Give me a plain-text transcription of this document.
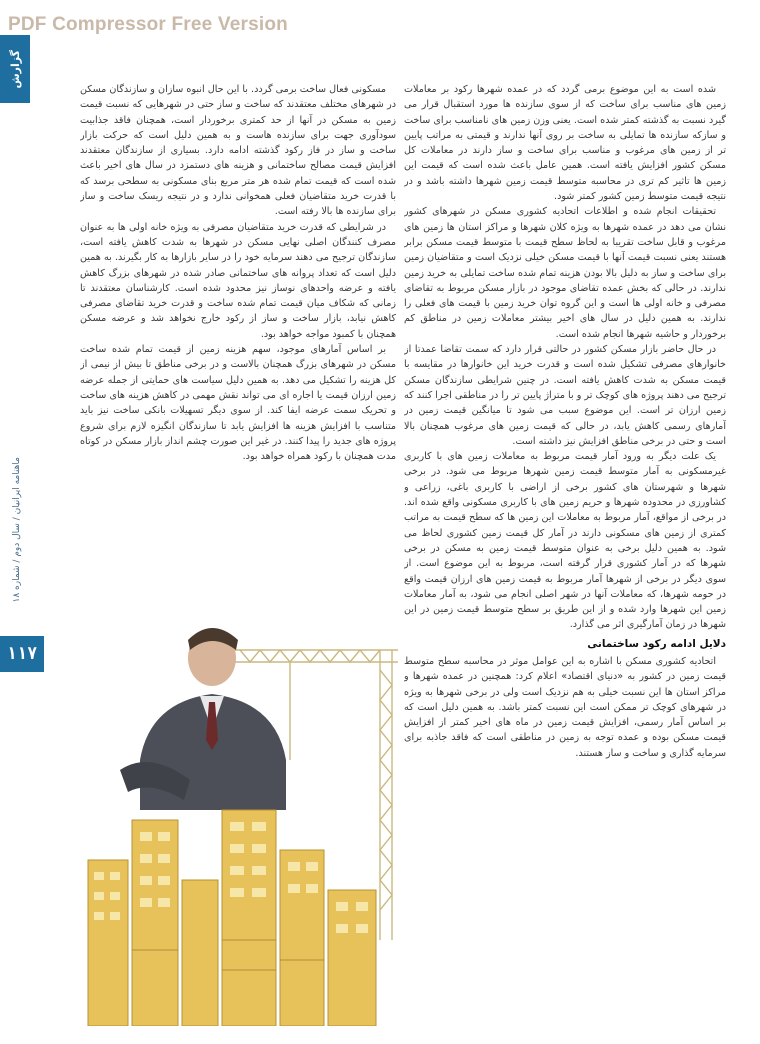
PDF Compressor Free Version
گزارش
ماهنامه ایرانیان / سال دوم / شماره ۱۸
۱۱۷

شده است به این موضوع برمی گردد که در عمده شهرها رکود بر معاملات زمین های مناسب برای ساخت که از سوی سازنده ها مورد استقبال قرار می گیرد نسبت به گذشته کمتر شده است. یعنی وزن زمین های نامناسب برای ساخت و سازکه سازنده ها تمایلی به ساخت بر روی آنها ندارند و قیمتی به مراتب پایین تر از زمین های مرغوب و مناسب برای ساخت و ساز دارند در معاملات کل مسکن کشور افزایش یافته است. همین عامل باعث شده است که قیمت این زمین ها تاثیر کم تری در محاسبه متوسط قیمت زمین شهرها داشته باشد و در نتیجه قیمت متوسط زمین کشور کمتر شود.

تحقیقات انجام شده و اطلاعات اتحادیه کشوری مسکن در شهرهای کشور نشان می دهد در عمده شهرها به ویژه کلان شهرها و مراکز استان ها زمین های مرغوب و قابل ساخت تقریبا به لحاظ سطح قیمت با متوسط قیمت مسکن برابر هستند یعنی نسبت قیمت آنها با قیمت مسکن خیلی نزدیک است و متقاضیان زمین برای ساخت و ساز به دلیل بالا بودن هزینه تمام شده ساخت تمایلی به خرید زمین ندارند. در حالی که بخش عمده تقاضای موجود در بازار مسکن مربوط به تقاضای مصرفی و خانه اولی ها است و این گروه توان خرید زمین با قیمت های فعلی را ندارند. به همین دلیل در سال های اخیر بیشتر معاملات زمین در مناطق کم برخوردار و حاشیه شهرها انجام شده است.

در حال حاضر بازار مسکن کشور در حالتی قرار دارد که سمت تقاضا عمدتا از خانوارهای مصرفی تشکیل شده است و قدرت خرید این خانوارها در مقایسه با قیمت مسکن به شدت کاهش یافته است. در چنین شرایطی سازندگان مسکن ترجیح می دهند پروژه های کوچک تر و با متراژ پایین تر را در مناطقی اجرا کنند که زمین ارزان تر است. این موضوع سبب می شود تا میانگین قیمت زمین در آمارهای رسمی کاهش یابد، در حالی که قیمت زمین های مرغوب همچنان بالا است و حتی در برخی مناطق افزایش نیز داشته است.

یک علت دیگر به ورود آمار قیمت مربوط به معاملات زمین های با کاربری غیرمسکونی به آمار متوسط قیمت زمین شهرها مربوط می شود. در برخی شهرها و شهرستان های کشور برخی از اراضی با کاربری باغی، زراعی و کشاورزی در محدوده شهرها و حریم زمین های با کاربری مسکونی واقع شده اند. در برخی از مواقع، آمار مربوط به معاملات این زمین ها که سطح قیمت به مراتب کمتری از زمین های مسکونی دارند در آمار کل قیمت زمین کشوری لحاظ می شود. به همین دلیل برخی به عنوان متوسط قیمت زمین به مسکن در برخی شهرها که در آمار کشوری قرار گرفته است، مربوط به این موضوع است. از سوی دیگر در برخی از شهرها آمار مربوط به قیمت زمین های ارزان قیمت واقع در حومه شهرها، که معاملات آنها در شهر اصلی انجام می شود، به آمار معاملات زمین این شهرها وارد شده و از این طریق بر سطح متوسط قیمت زمین در این شهرها در زمان آمارگیری اثر می گذارد.

دلایل ادامه رکود ساختمانی

اتحادیه کشوری مسکن با اشاره به این عوامل موثر در محاسبه سطح متوسط قیمت زمین در کشور به «دنیای اقتصاد» اعلام کرد: همچنین در عمده شهرها و مراکز استان ها این نسبت خیلی به هم نزدیک است ولی در برخی شهرها به ویژه در شهرهای کوچک تر ممکن است این نسبت کمتر باشد. به همین دلیل است که بر اساس آمار رسمی، افزایش قیمت زمین در ماه های اخیر کمتر از افزایش قیمت مسکن بوده و عمده توجه به زمین در مناطقی است که فاقد جاذبه برای سرمایه گذاری و ساخت و ساز هستند.

مسکونی فعال ساخت برمی گردد. با این حال انبوه سازان و سازندگان مسکن در شهرهای مختلف معتقدند که ساخت و ساز حتی در شهرهایی که نسبت قیمت زمین به مسکن در آنها از حد کمتری برخوردار است، همچنان فاقد جذابیت سودآوری جهت برای سازنده هاست و به همین دلیل است که حرکت بازار ساخت و ساز در فاز رکود گذشته ادامه دارد. بسیاری از سازندگان معتقدند افزایش قیمت مصالح ساختمانی و هزینه های دستمزد در سال های اخیر باعث شده است که قیمت تمام شده هر متر مربع بنای مسکونی به سطحی برسد که با قدرت خرید متقاضیان فعلی همخوانی ندارد و در نتیجه ریسک ساخت و ساز برای سازنده ها بالا رفته است.

در شرایطی که قدرت خرید متقاضیان مصرفی به ویژه خانه اولی ها به عنوان مصرف کنندگان اصلی نهایی مسکن در شهرها به شدت کاهش یافته است، سازندگان ترجیح می دهند سرمایه خود را در سایر بازارها به کار بگیرند. به همین دلیل است که تعداد پروانه های ساختمانی صادر شده در شهرهای بزرگ کاهش یافته و عرضه واحدهای نوساز نیز محدود شده است. کارشناسان معتقدند تا زمانی که شکاف میان قیمت تمام شده ساخت و قدرت خرید تقاضای مصرفی کاهش نیابد، بازار ساخت و ساز از رکود خارج نخواهد شد و عرضه مسکن همچنان با کمبود مواجه خواهد بود.

بر اساس آمارهای موجود، سهم هزینه زمین از قیمت تمام شده ساخت مسکن در شهرهای بزرگ همچنان بالاست و در برخی مناطق تا بیش از نیمی از کل هزینه را تشکیل می دهد. به همین دلیل سیاست های حمایتی از جمله عرضه زمین ارزان قیمت یا اجاره ای می تواند نقش مهمی در کاهش هزینه های ساخت و تحریک سمت عرضه ایفا کند. از سوی دیگر تسهیلات بانکی ساخت نیز باید متناسب با افزایش هزینه ها افزایش یابد تا سازندگان انگیزه لازم برای شروع پروژه های جدید را پیدا کنند. در غیر این صورت چشم انداز بازار مسکن در کوتاه مدت همچنان با رکود همراه خواهد بود.
